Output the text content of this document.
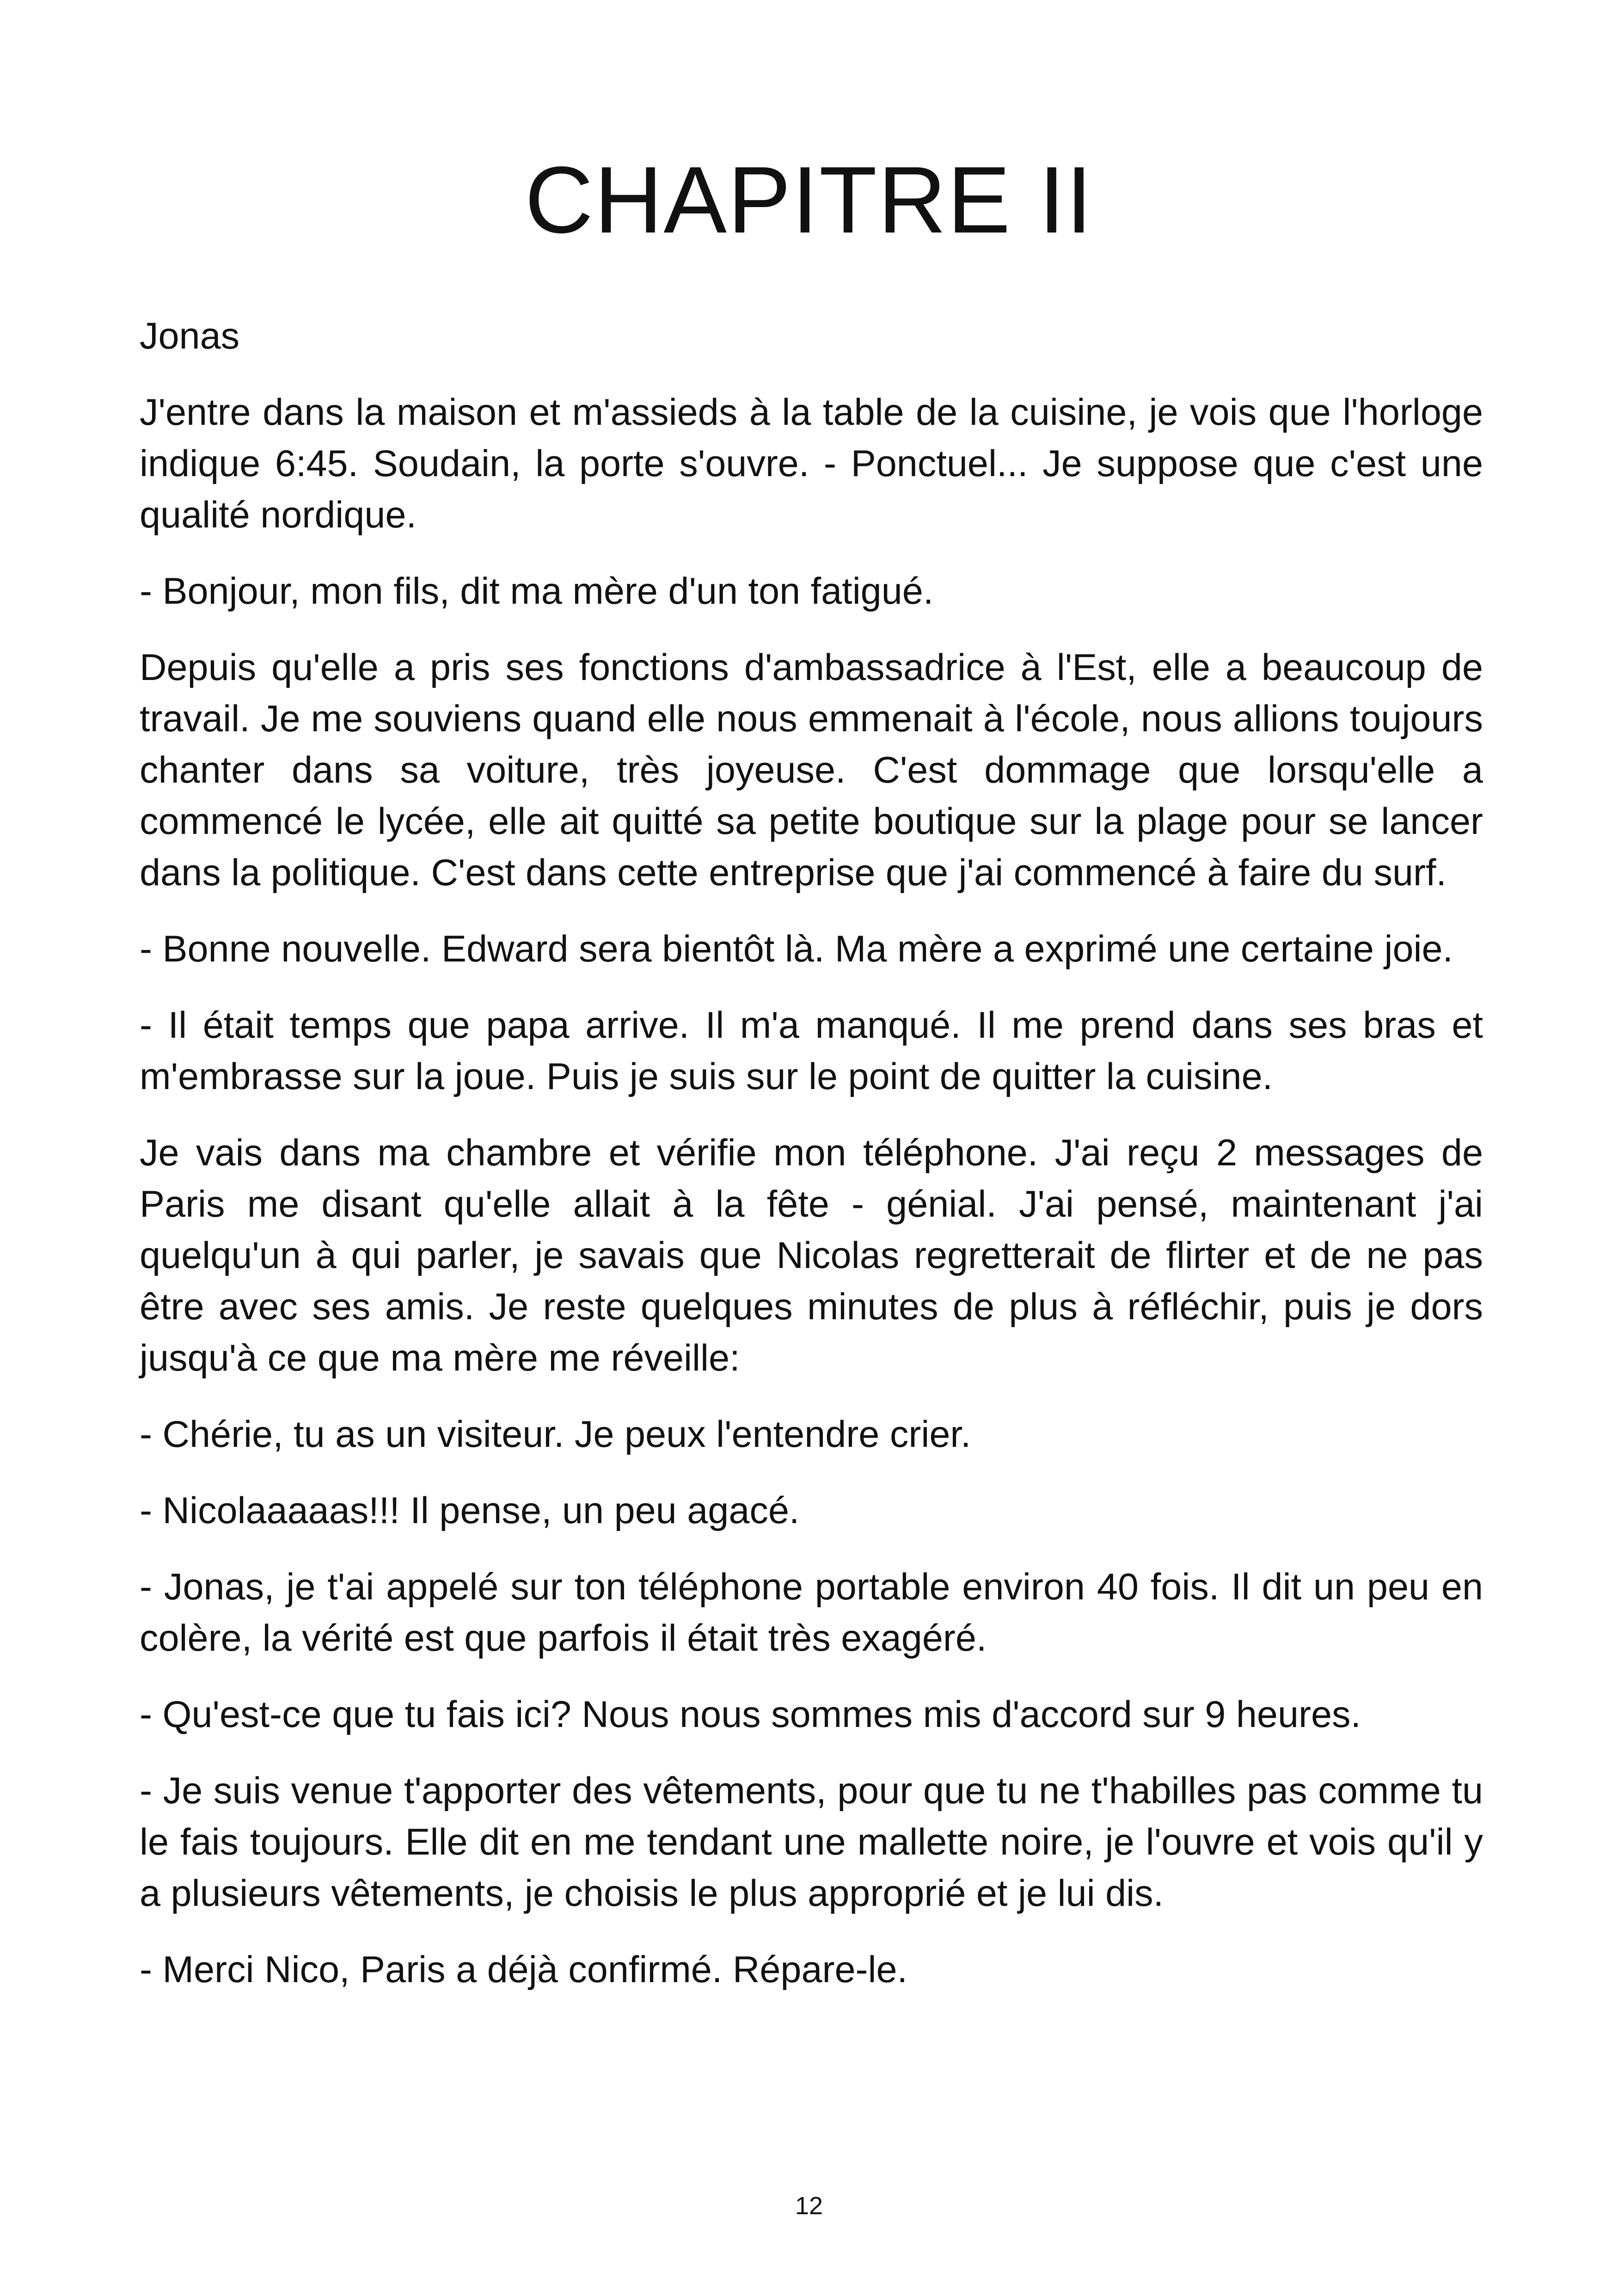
CHAPITRE II

Jonas

J'entre dans la maison et m'assieds à la table de la cuisine, je vois que l'horloge indique 6:45. Soudain, la porte s'ouvre. - Ponctuel... Je suppose que c'est une qualité nordique.

- Bonjour, mon fils, dit ma mère d'un ton fatigué.

Depuis qu'elle a pris ses fonctions d'ambassadrice à l'Est, elle a beaucoup de travail. Je me souviens quand elle nous emmenait à l'école, nous allions toujours chanter dans sa voiture, très joyeuse. C'est dommage que lorsqu'elle a commencé le lycée, elle ait quitté sa petite boutique sur la plage pour se lancer dans la politique. C'est dans cette entreprise que j'ai commencé à faire du surf.

- Bonne nouvelle. Edward sera bientôt là. Ma mère a exprimé une certaine joie.

- Il était temps que papa arrive. Il m'a manqué. Il me prend dans ses bras et m'embrasse sur la joue. Puis je suis sur le point de quitter la cuisine.

Je vais dans ma chambre et vérifie mon téléphone. J'ai reçu 2 messages de Paris me disant qu'elle allait à la fête - génial. J'ai pensé, maintenant j'ai quelqu'un à qui parler, je savais que Nicolas regretterait de flirter et de ne pas être avec ses amis. Je reste quelques minutes de plus à réfléchir, puis je dors jusqu'à ce que ma mère me réveille:

- Chérie, tu as un visiteur. Je peux l'entendre crier.

- Nicolaaaaas!!! Il pense, un peu agacé.

- Jonas, je t'ai appelé sur ton téléphone portable environ 40 fois. Il dit un peu en colère, la vérité est que parfois il était très exagéré.

- Qu'est-ce que tu fais ici? Nous nous sommes mis d'accord sur 9 heures.

- Je suis venue t'apporter des vêtements, pour que tu ne t'habilles pas comme tu le fais toujours. Elle dit en me tendant une mallette noire, je l'ouvre et vois qu'il y a plusieurs vêtements, je choisis le plus approprié et je lui dis.

- Merci Nico, Paris a déjà confirmé. Répare-le.

12
